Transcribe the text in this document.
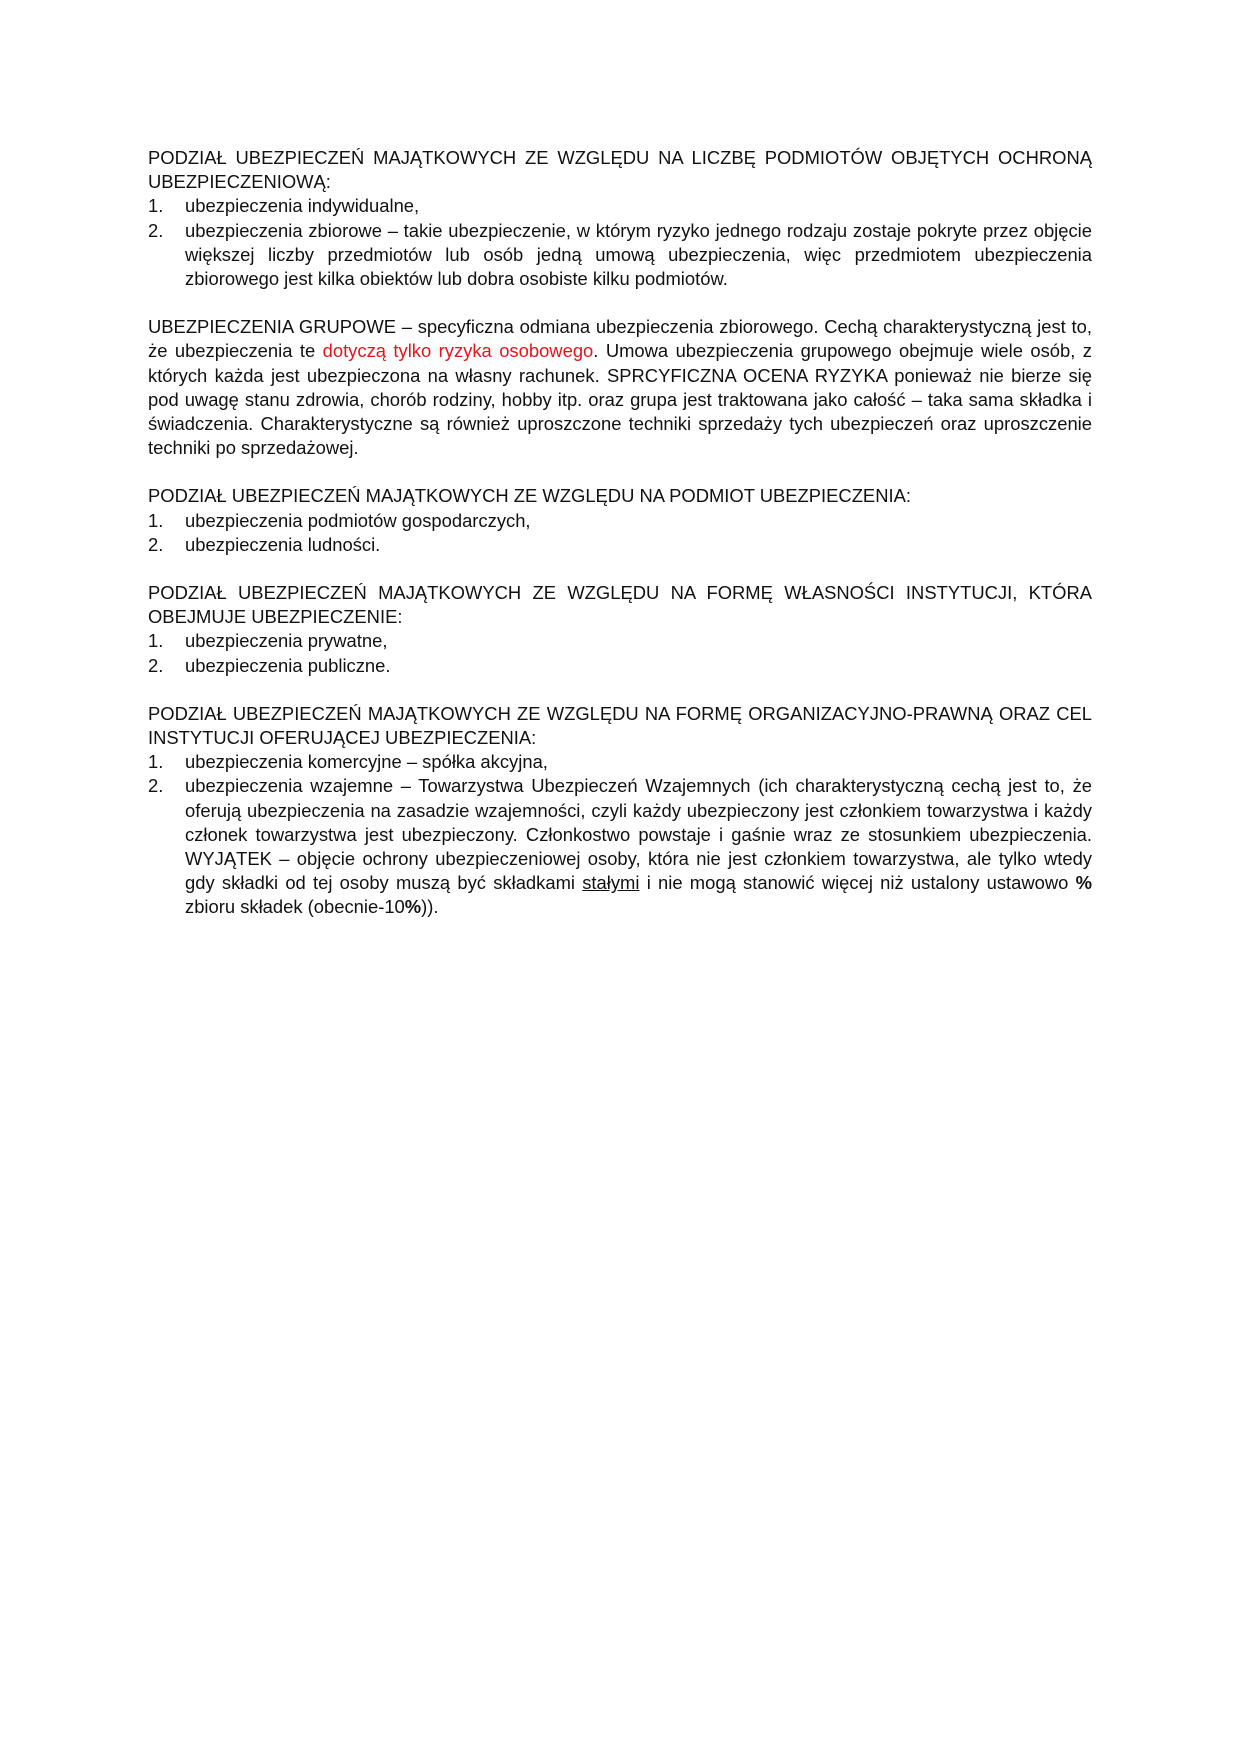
PODZIAŁ UBEZPIECZEŃ MAJĄTKOWYCH ZE WZGLĘDU NA LICZBĘ PODMIOTÓW OBJĘTYCH OCHRONĄ UBEZPIECZENIOWĄ:

1. ubezpieczenia indywidualne,
2. ubezpieczenia zbiorowe – takie ubezpieczenie, w którym ryzyko jednego rodzaju zostaje pokryte przez objęcie większej liczby przedmiotów lub osób jedną umową ubezpieczenia, więc przedmiotem ubezpieczenia zbiorowego jest kilka obiektów lub dobra osobiste kilku podmiotów.

UBEZPIECZENIA GRUPOWE – specyficzna odmiana ubezpieczenia zbiorowego. Cechą charakterystyczną jest to, że ubezpieczenia te dotyczą tylko ryzyka osobowego. Umowa ubezpieczenia grupowego obejmuje wiele osób, z których każda jest ubezpieczona na własny rachunek. SPRCYFICZNA OCENA RYZYKA ponieważ nie bierze się pod uwagę stanu zdrowia, chorób rodziny, hobby itp. oraz grupa jest traktowana jako całość – taka sama składka i świadczenia. Charakterystyczne są również uproszczone techniki sprzedaży tych ubezpieczeń oraz uproszczenie techniki po sprzedażowej.

PODZIAŁ UBEZPIECZEŃ MAJĄTKOWYCH ZE WZGLĘDU NA PODMIOT UBEZPIECZENIA:

1. ubezpieczenia podmiotów gospodarczych,
2. ubezpieczenia ludności.

PODZIAŁ UBEZPIECZEŃ MAJĄTKOWYCH ZE WZGLĘDU NA FORMĘ WŁASNOŚCI INSTYTUCJI, KTÓRA OBEJMUJE UBEZPIECZENIE:

1. ubezpieczenia prywatne,
2. ubezpieczenia publiczne.

PODZIAŁ UBEZPIECZEŃ MAJĄTKOWYCH ZE WZGLĘDU NA FORMĘ ORGANIZACYJNO-PRAWNĄ ORAZ CEL INSTYTUCJI OFERUJĄCEJ UBEZPIECZENIA:

1. ubezpieczenia komercyjne – spółka akcyjna,
2. ubezpieczenia wzajemne – Towarzystwa Ubezpieczeń Wzajemnych (ich charakterystyczną cechą jest to, że oferują ubezpieczenia na zasadzie wzajemności, czyli każdy ubezpieczony jest członkiem towarzystwa i każdy członek towarzystwa jest ubezpieczony. Członkostwo powstaje i gaśnie wraz ze stosunkiem ubezpieczenia. WYJĄTEK – objęcie ochrony ubezpieczeniowej osoby, która nie jest członkiem towarzystwa, ale tylko wtedy gdy składki od tej osoby muszą być składkami stałymi i nie mogą stanowić więcej niż ustalony ustawowo % zbioru składek (obecnie-10%)).
